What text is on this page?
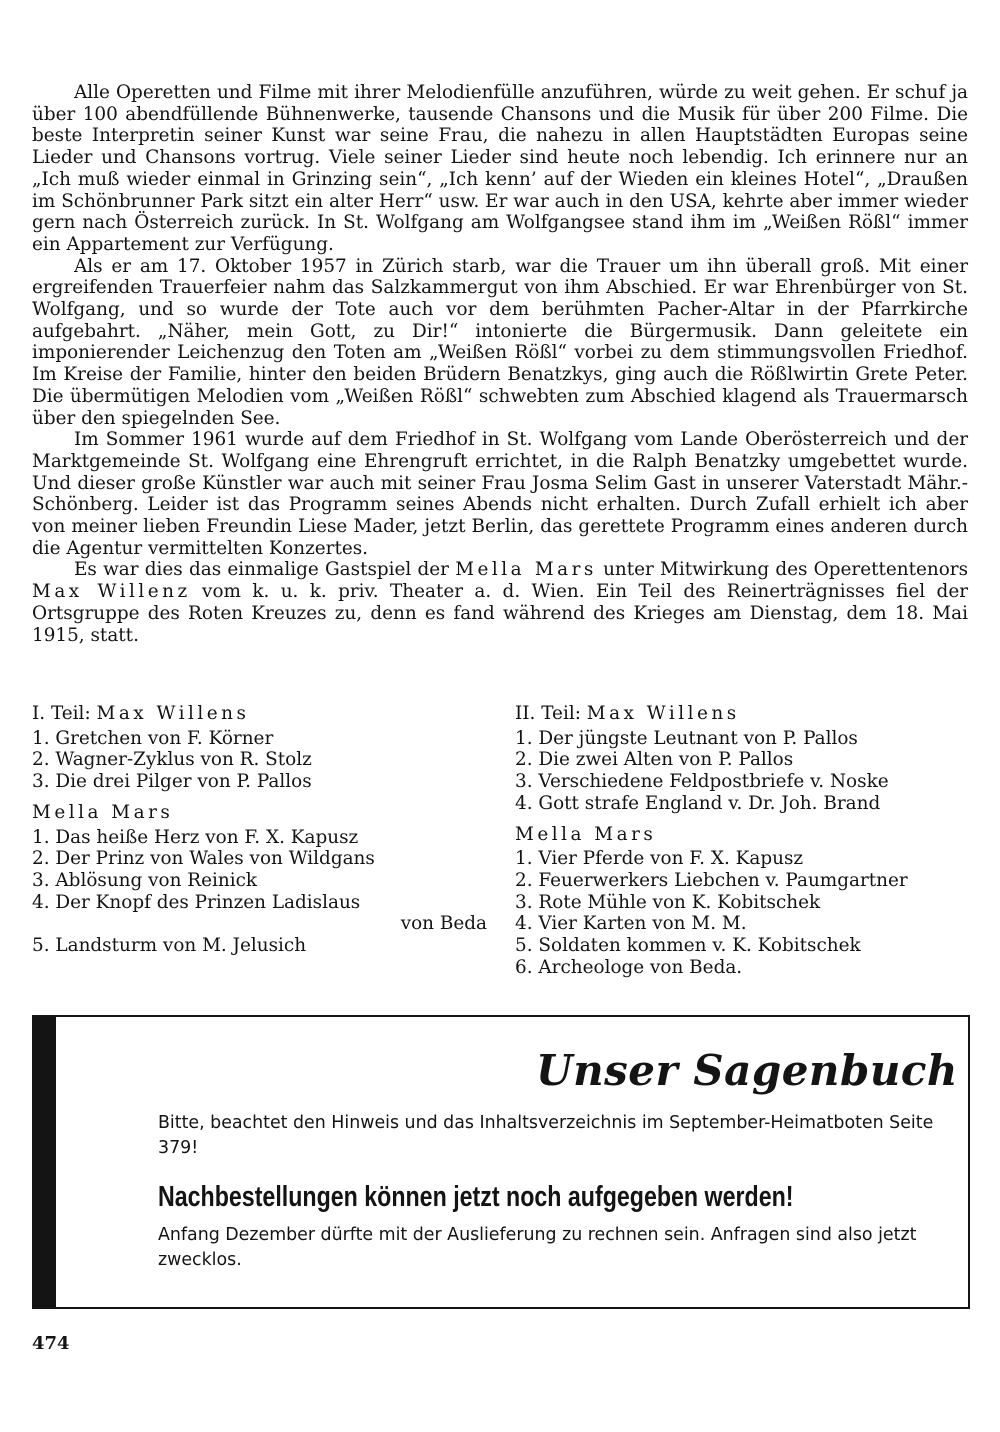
Alle Operetten und Filme mit ihrer Melodienfülle anzuführen, würde zu weit gehen. Er schuf ja über 100 abendfüllende Bühnenwerke, tausende Chansons und die Musik für über 200 Filme. Die beste Interpretin seiner Kunst war seine Frau, die nahezu in allen Hauptstädten Europas seine Lieder und Chansons vortrug. Viele seiner Lieder sind heute noch lebendig. Ich erinnere nur an „Ich muß wieder einmal in Grinzing sein“, „Ich kenn’ auf der Wieden ein kleines Hotel“, „Draußen im Schönbrunner Park sitzt ein alter Herr“ usw. Er war auch in den USA, kehrte aber immer wieder gern nach Österreich zurück. In St. Wolfgang am Wolfgangsee stand ihm im „Weißen Rößl“ immer ein Appartement zur Verfügung.

Als er am 17. Oktober 1957 in Zürich starb, war die Trauer um ihn überall groß. Mit einer ergreifenden Trauerfeier nahm das Salzkammergut von ihm Abschied. Er war Ehrenbürger von St. Wolfgang, und so wurde der Tote auch vor dem berühmten Pacher-Altar in der Pfarrkirche aufgebahrt. „Näher, mein Gott, zu Dir!“ intonierte die Bürgermusik. Dann geleitete ein imponierender Leichenzug den Toten am „Weißen Rößl“ vorbei zu dem stimmungsvollen Friedhof. Im Kreise der Familie, hinter den beiden Brüdern Benatzkys, ging auch die Rößlwirtin Grete Peter. Die übermütigen Melodien vom „Weißen Rößl“ schwebten zum Abschied klagend als Trauermarsch über den spiegelnden See.

Im Sommer 1961 wurde auf dem Friedhof in St. Wolfgang vom Lande Oberösterreich und der Marktgemeinde St. Wolfgang eine Ehrengruft errichtet, in die Ralph Benatzky umgebettet wurde. Und dieser große Künstler war auch mit seiner Frau Josma Selim Gast in unserer Vaterstadt Mähr.-Schönberg. Leider ist das Programm seines Abends nicht erhalten. Durch Zufall erhielt ich aber von meiner lieben Freundin Liese Mader, jetzt Berlin, das gerettete Programm eines anderen durch die Agentur vermittelten Konzertes.

Es war dies das einmalige Gastspiel der Mella Mars unter Mitwirkung des Operettentenors Max Willenz vom k. u. k. priv. Theater a. d. Wien. Ein Teil des Reinerträgnisses fiel der Ortsgruppe des Roten Kreuzes zu, denn es fand während des Krieges am Dienstag, dem 18. Mai 1915, statt.

I. Teil: Max Willens
1. Gretchen von F. Körner
2. Wagner-Zyklus von R. Stolz
3. Die drei Pilger von P. Pallos
Mella Mars
1. Das heiße Herz von F. X. Kapusz
2. Der Prinz von Wales von Wildgans
3. Ablösung von Reinick
4. Der Knopf des Prinzen Ladislaus
von Beda
5. Landsturm von M. Jelusich
II. Teil: Max Willens
1. Der jüngste Leutnant von P. Pallos
2. Die zwei Alten von P. Pallos
3. Verschiedene Feldpostbriefe v. Noske
4. Gott strafe England v. Dr. Joh. Brand
Mella Mars
1. Vier Pferde von F. X. Kapusz
2. Feuerwerkers Liebchen v. Paumgartner
3. Rote Mühle von K. Kobitschek
4. Vier Karten von M. M.
5. Soldaten kommen v. K. Kobitschek
6. Archeologe von Beda.
Unser Sagenbuch
Bitte, beachtet den Hinweis und das Inhaltsverzeichnis im September-Heimatboten Seite 379!
Nachbestellungen können jetzt noch aufgegeben werden!
Anfang Dezember dürfte mit der Auslieferung zu rechnen sein. Anfragen sind also jetzt zwecklos.
474
